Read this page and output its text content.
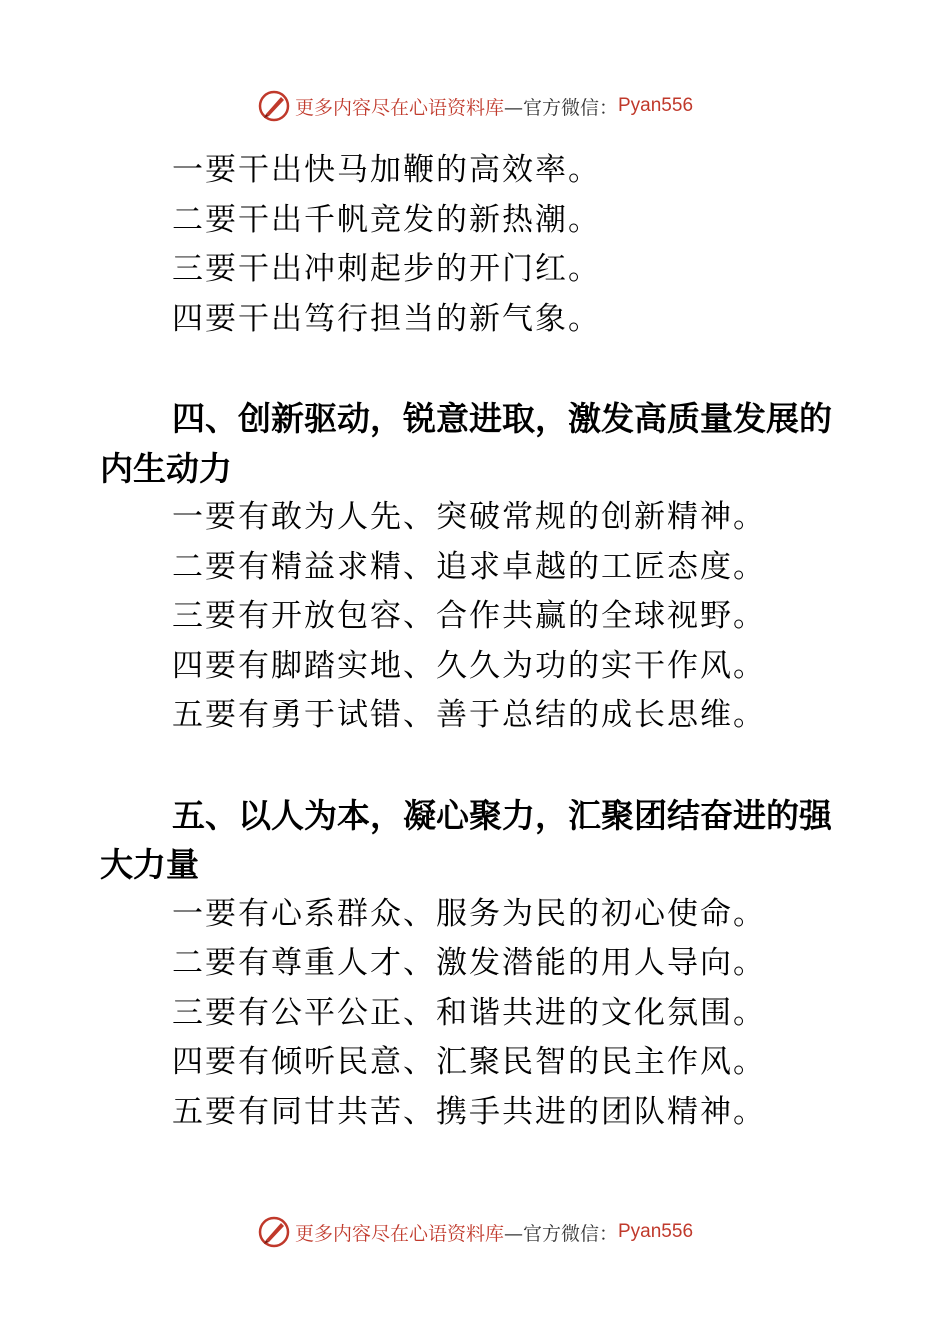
更多内容尽在心语资料库 —官方微信： Pyan556
一要干出快马加鞭的高效率。
二要干出千帆竞发的新热潮。
三要干出冲刺起步的开门红。
四要干出笃行担当的新气象。
四、创新驱动，锐意进取，激发高质量发展的内生动力
一要有敢为人先、突破常规的创新精神。
二要有精益求精、追求卓越的工匠态度。
三要有开放包容、合作共赢的全球视野。
四要有脚踏实地、久久为功的实干作风。
五要有勇于试错、善于总结的成长思维。
五、以人为本，凝心聚力，汇聚团结奋进的强大力量
一要有心系群众、服务为民的初心使命。
二要有尊重人才、激发潜能的用人导向。
三要有公平公正、和谐共进的文化氛围。
四要有倾听民意、汇聚民智的民主作风。
五要有同甘共苦、携手共进的团队精神。
更多内容尽在心语资料库 —官方微信： Pyan556
